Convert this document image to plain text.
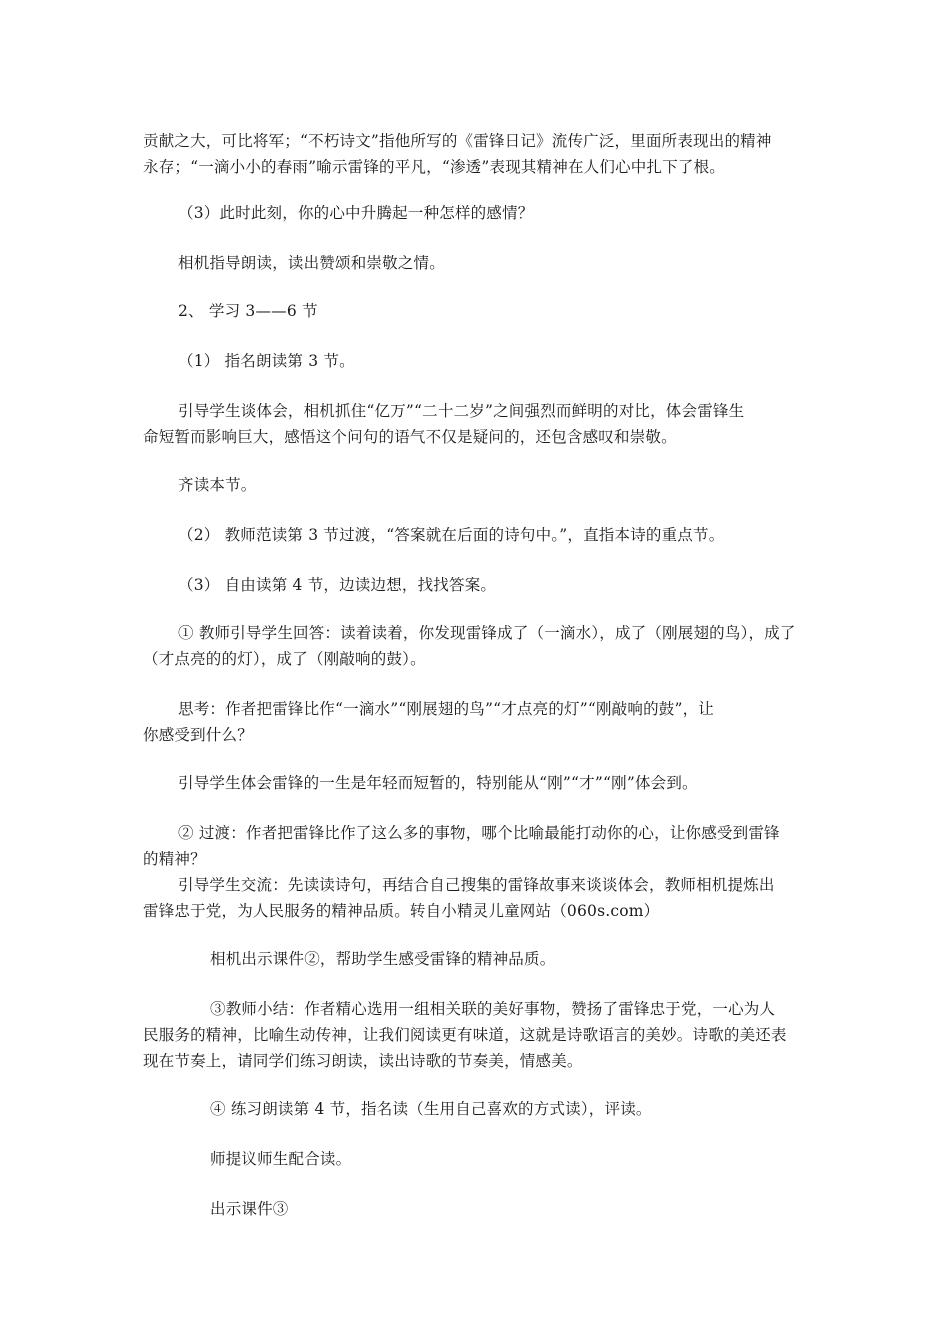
贡献之大，可比将军；“不朽诗文”指他所写的《雷锋日记》流传广泛，里面所表现出的精神
永存；“一滴小小的春雨”喻示雷锋的平凡，“渗透”表现其精神在人们心中扎下了根。
（3）此时此刻，你的心中升腾起一种怎样的感情？
相机指导朗读，读出赞颂和崇敬之情。
2、 学习 3——6 节
（1） 指名朗读第 3 节。
引导学生谈体会，相机抓住“亿万”“二十二岁”之间强烈而鲜明的对比，体会雷锋生
命短暂而影响巨大，感悟这个问句的语气不仅是疑问的，还包含感叹和崇敬。
齐读本节。
（2） 教师范读第 3 节过渡，“答案就在后面的诗句中。”，直指本诗的重点节。
（3） 自由读第 4 节，边读边想，找找答案。
① 教师引导学生回答：读着读着，你发现雷锋成了（一滴水），成了（刚展翅的鸟），成了
（才点亮的的灯），成了（刚敲响的鼓）。
思考：作者把雷锋比作“一滴水”“刚展翅的鸟”“才点亮的灯”“刚敲响的鼓”，让
你感受到什么？
引导学生体会雷锋的一生是年轻而短暂的，特别能从“刚”“才”“刚”体会到。
② 过渡：作者把雷锋比作了这么多的事物，哪个比喻最能打动你的心，让你感受到雷锋
的精神？
引导学生交流：先读读诗句，再结合自己搜集的雷锋故事来谈谈体会，教师相机提炼出
雷锋忠于党，为人民服务的精神品质。转自小精灵儿童网站（060s.com）
相机出示课件②，帮助学生感受雷锋的精神品质。
③教师小结：作者精心选用一组相关联的美好事物，赞扬了雷锋忠于党，一心为人
民服务的精神，比喻生动传神，让我们阅读更有味道，这就是诗歌语言的美妙。诗歌的美还表
现在节奏上，请同学们练习朗读，读出诗歌的节奏美，情感美。
④ 练习朗读第 4 节，指名读（生用自己喜欢的方式读），评读。
师提议师生配合读。
出示课件③
